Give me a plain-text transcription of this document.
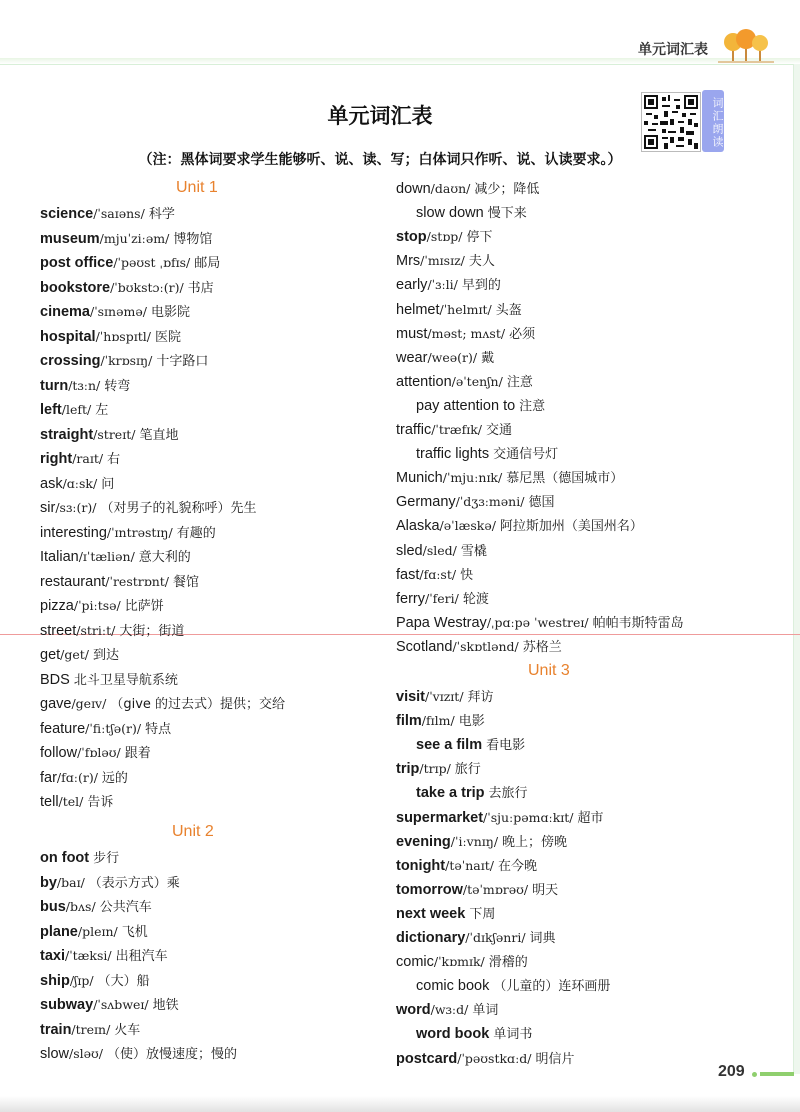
单元词汇表
单元词汇表	词汇朗读
（注：黑体词要求学生能够听、说、读、写；白体词只作听、说、认读要求。）
Unit 1
Unit 2
Unit 3
science/ˈsaɪəns/ 科学
museum/mjuˈziːəm/ 博物馆
post office/ˈpəʊst ˌɒfɪs/ 邮局
bookstore/ˈbʊkstɔː(r)/ 书店
cinema/ˈsɪnəmə/ 电影院
hospital/ˈhɒspɪtl/ 医院
crossing/ˈkrɒsɪŋ/ 十字路口
turn/tɜːn/ 转弯
left/left/ 左
straight/streɪt/ 笔直地
right/raɪt/ 右
ask/ɑːsk/ 问
sir/sɜː(r)/ （对男子的礼貌称呼）先生
interesting/ˈɪntrəstɪŋ/ 有趣的
Italian/ɪˈtæliən/ 意大利的
restaurant/ˈrestrɒnt/ 餐馆
pizza/ˈpiːtsə/ 比萨饼
street/striːt/ 大街；街道
get/get/ 到达
BDS 北斗卫星导航系统
gave/geɪv/ （give 的过去式）提供；交给
feature/ˈfiːtʃə(r)/ 特点
follow/ˈfɒləʊ/ 跟着
far/fɑː(r)/ 远的
tell/tel/ 告诉
on foot 步行
by/baɪ/ （表示方式）乘
bus/bʌs/ 公共汽车
plane/pleɪn/ 飞机
taxi/ˈtæksi/ 出租汽车
ship/ʃɪp/ （大）船
subway/ˈsʌbweɪ/ 地铁
train/treɪn/ 火车
slow/sləʊ/ （使）放慢速度；慢的
down/daʊn/ 减少；降低
slow down 慢下来
stop/stɒp/ 停下
Mrs/ˈmɪsɪz/ 夫人
early/ˈɜːli/ 早到的
helmet/ˈhelmɪt/ 头盔
must/məst; mʌst/ 必须
wear/weə(r)/ 戴
attention/əˈtenʃn/ 注意
pay attention to 注意
traffic/ˈtræfɪk/ 交通
traffic lights 交通信号灯
Munich/ˈmjuːnɪk/ 慕尼黑（德国城市）
Germany/ˈdʒɜːməni/ 德国
Alaska/əˈlæskə/ 阿拉斯加州（美国州名）
sled/sled/ 雪橇
fast/fɑːst/ 快
ferry/ˈferi/ 轮渡
Papa Westray/ˌpɑːpə ˈwestreɪ/ 帕帕韦斯特雷岛
Scotland/ˈskɒtlənd/ 苏格兰
visit/ˈvɪzɪt/ 拜访
film/fɪlm/ 电影
see a film 看电影
trip/trɪp/ 旅行
take a trip 去旅行
supermarket/ˈsjuːpəmɑːkɪt/ 超市
evening/ˈiːvnɪŋ/ 晚上；傍晚
tonight/təˈnaɪt/ 在今晚
tomorrow/təˈmɒrəʊ/ 明天
next week 下周
dictionary/ˈdɪkʃənri/ 词典
comic/ˈkɒmɪk/ 滑稽的
comic book （儿童的）连环画册
word/wɜːd/ 单词
word book 单词书
postcard/ˈpəʊstkɑːd/ 明信片
209
